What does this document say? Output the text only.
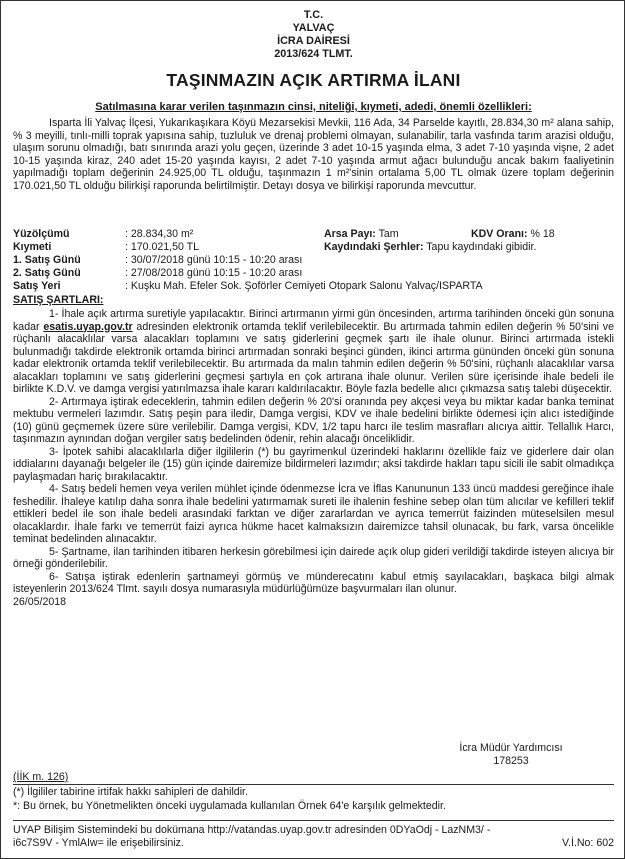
T.C.
YALVAÇ
İCRA DAİRESİ
2013/624 TLMT.
TAŞINMAZIN AÇIK ARTIRMA İLANI
Satılmasına karar verilen taşınmazın cinsi, niteliği, kıymeti, adedi, önemli özellikleri:

Isparta İli Yalvaç İlçesi, Yukarıkaşıkara Köyü Mezarsekisi Mevkii, 116 Ada, 34 Parselde kayıtlı, 28.834,30 m² alana sahip, % 3 meyilli, tınlı-milli toprak yapısına sahip, tuzluluk ve drenaj problemi olmayan, sulanabilir, tarla vasfında tarım arazisi olduğu, ulaşım sorunu olmadığı, batı sınırında arazi yolu geçen, üzerinde 3 adet 10-15 yaşında elma, 3 adet 7-10 yaşında vişne, 2 adet 10-15 yaşında kiraz, 240 adet 15-20 yaşında kayısı, 2 adet 7-10 yaşında armut ağacı bulunduğu ancak bakım faaliyetinin yapılmadığı toplam değerinin 24.925,00 TL olduğu, taşınmazın 1 m²'sinin ortalama 5,00 TL olmak üzere toplam değerinin 170.021,50 TL olduğu bilirkişi raporunda belirtilmiştir. Detayı dosya ve bilirkişi raporunda mevcuttur.

Yüzölçümü	: 28.834,30 m²	Arsa Payı: Tam	KDV Oranı: % 18
Kıymeti	: 170.021,50 TL	Kaydındaki Şerhler: Tapu kaydındaki gibidir.
1. Satış Günü	: 30/07/2018 günü 10:15 - 10:20 arası
2. Satış Günü	: 27/08/2018 günü 10:15 - 10:20 arası
Satış Yeri	: Kuşku Mah. Efeler Sok. Şoförler Cemiyeti Otopark Salonu Yalvaç/ISPARTA
SATIŞ ŞARTLARI:

1- İhale açık artırma suretiyle yapılacaktır. Birinci artırmanın yirmi gün öncesinden, artırma tarihinden önceki gün sonuna kadar esatis.uyap.gov.tr adresinden elektronik ortamda teklif verilebilecektir. Bu artırmada tahmin edilen değerin % 50'sini ve rüçhanlı alacaklılar varsa alacakları toplamını ve satış giderlerini geçmek şartı ile ihale olunur. Birinci artırmada istekli bulunmadığı takdirde elektronik ortamda birinci artırmadan sonraki beşinci günden, ikinci artırma gününden önceki gün sonuna kadar elektronik ortamda teklif verilebilecektir. Bu artırmada da malın tahmin edilen değerin % 50'sini, rüçhanlı alacaklılar varsa alacakları toplamını ve satış giderlerini geçmesi şartıyla en çok artırana ihale olunur. Verilen süre içerisinde ihale bedeli ile birlikte K.D.V. ve damga vergisi yatırılmazsa ihale kararı kaldırılacaktır. Böyle fazla bedelle alıcı çıkmazsa satış talebi düşecektir.

2- Artırmaya iştirak edeceklerin, tahmin edilen değerin % 20'si oranında pey akçesi veya bu miktar kadar banka teminat mektubu vermeleri lazımdır. Satış peşin para iledir, Damga vergisi, KDV ve ihale bedelini birlikte ödemesi için alıcı istediğinde (10) günü geçmemek üzere süre verilebilir. Damga vergisi, KDV, 1/2 tapu harcı ile teslim masrafları alıcıya aittir. Tellallık Harcı, taşınmazın aynından doğan vergiler satış bedelinden ödenir, rehin alacağı önceliklidir.

3- İpotek sahibi alacaklılarla diğer ilgililerin (*) bu gayrimenkul üzerindeki haklarını özellikle faiz ve giderlere dair olan iddialarını dayanağı belgeler ile (15) gün içinde dairemize bildirmeleri lazımdır; aksi takdirde hakları tapu sicili ile sabit olmadıkça paylaşmadan hariç bırakılacaktır.

4- Satış bedeli hemen veya verilen mühlet içinde ödenmezse İcra ve İflas Kanununun 133 üncü maddesi gereğince ihale feshedilir. İhaleye katılıp daha sonra ihale bedelini yatırmamak sureti ile ihalenin feshine sebep olan tüm alıcılar ve kefilleri teklif ettikleri bedel ile son ihale bedeli arasındaki farktan ve diğer zararlardan ve ayrıca temerrüt faizinden müteselsilen mesul olacaklardır. İhale farkı ve temerrüt faizi ayrıca hükme hacet kalmaksızın dairemizce tahsil olunacak, bu fark, varsa öncelikle teminat bedelinden alınacaktır.

5- Şartname, ilan tarihinden itibaren herkesin görebilmesi için dairede açık olup gideri verildiği takdirde isteyen alıcıya bir örneği gönderilebilir.

6- Satışa iştirak edenlerin şartnameyi görmüş ve münderecatını kabul etmiş sayılacakları, başkaca bilgi almak isteyenlerin 2013/624 Tlmt. sayılı dosya numarasıyla müdürlüğümüze başvurmaları ilan olunur.

26/05/2018

İcra Müdür Yardımcısı
178253
(İİK m. 126)
(*) İlgililer tabirine irtifak hakkı sahipleri de dahildir.
*: Bu örnek, bu Yönetmelikten önceki uygulamada kullanılan Örnek 64'e karşılık gelmektedir.
UYAP Bilişim Sistemindeki bu dokümana http://vatandas.uyap.gov.tr adresinden 0DYaOdj - LazNM3/ -
i6c7S9V - YmlAIw= ile erişebilirsiniz.	V.İ.No: 602
